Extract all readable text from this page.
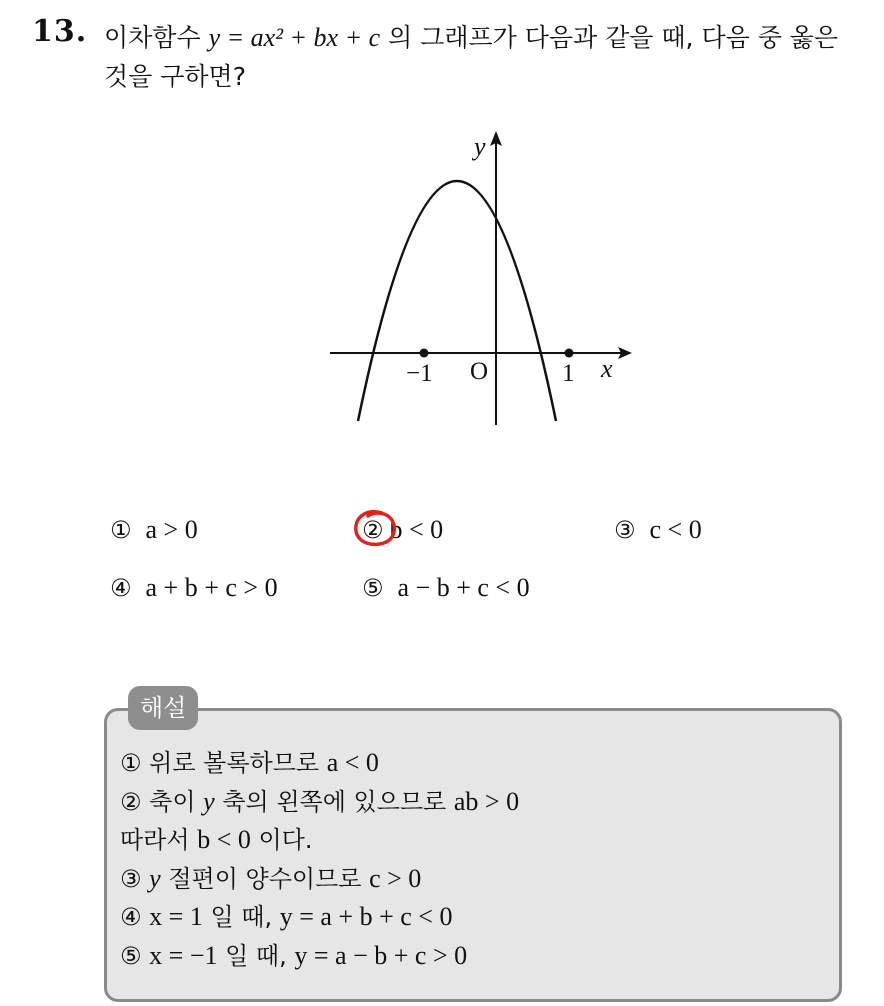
13. 이차함수 y = ax² + bx + c 의 그래프가 다음과 같을 때, 다음 중 옳은
것을 구하면?
y
x
O
−1	1
① a > 0	② b < 0	③ c < 0
④ a + b + c > 0	⑤ a − b + c < 0
해설
① 위로 볼록하므로 a < 0
② 축이 y 축의 왼쪽에 있으므로 ab > 0
따라서 b < 0 이다.
③ y 절편이 양수이므로 c > 0
④ x = 1 일 때, y = a + b + c < 0
⑤ x = −1 일 때, y = a − b + c > 0
